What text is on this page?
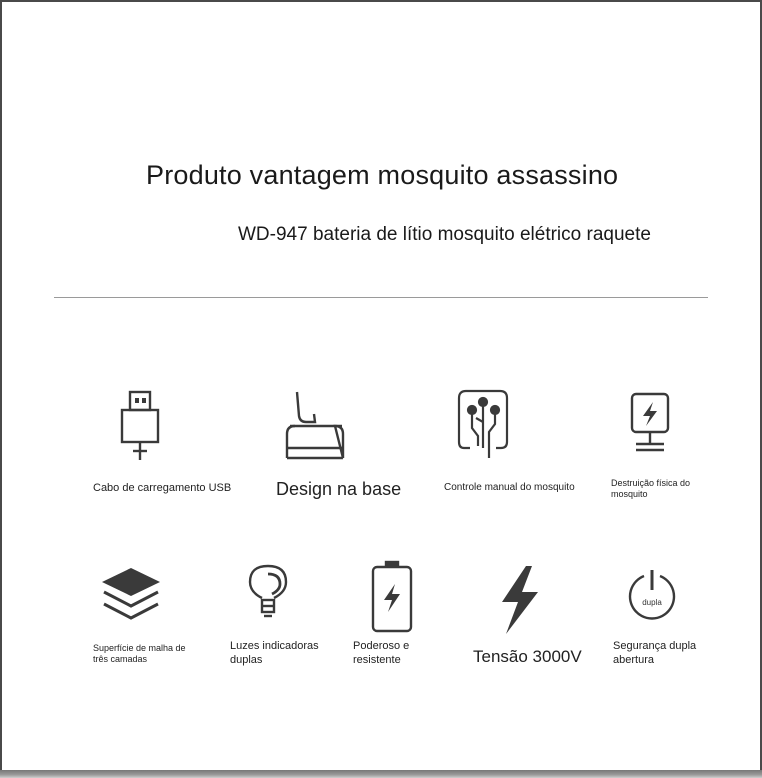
Produto vantagem mosquito assassino
WD-947 bateria de lítio mosquito elétrico raquete
Cabo de carregamento USB	Design na base	Controle manual do mosquito	Destruição física do mosquito
Superfície de malha de três camadas
Luzes indicadoras duplas
Poderoso e resistente	Tensão 3000V
dupla
Segurança dupla abertura
